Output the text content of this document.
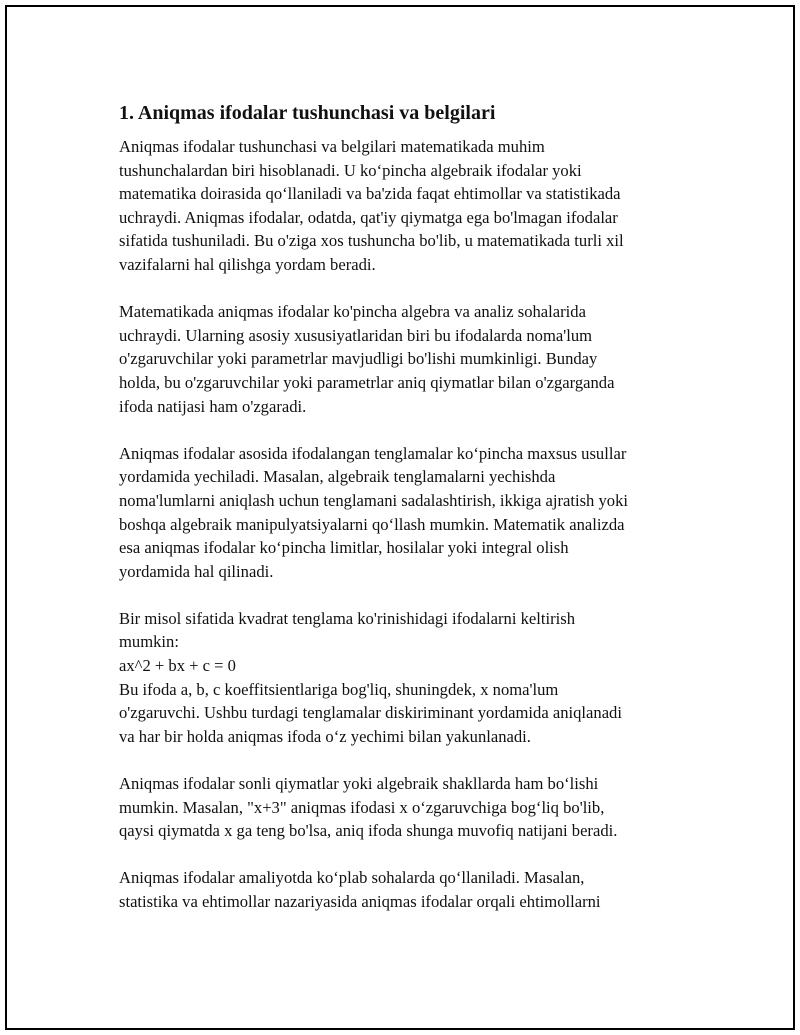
1. Aniqmas ifodalar tushunchasi va belgilari

Aniqmas ifodalar tushunchasi va belgilari matematikada muhim
tushunchalardan biri hisoblanadi. U ko‘pincha algebraik ifodalar yoki
matematika doirasida qo‘llaniladi va ba'zida faqat ehtimollar va statistikada
uchraydi. Aniqmas ifodalar, odatda, qat'iy qiymatga ega bo'lmagan ifodalar
sifatida tushuniladi. Bu o'ziga xos tushuncha bo'lib, u matematikada turli xil
vazifalarni hal qilishga yordam beradi.

Matematikada aniqmas ifodalar ko'pincha algebra va analiz sohalarida
uchraydi. Ularning asosiy xususiyatlaridan biri bu ifodalarda noma'lum
o'zgaruvchilar yoki parametrlar mavjudligi bo'lishi mumkinligi. Bunday
holda, bu o'zgaruvchilar yoki parametrlar aniq qiymatlar bilan o'zgarganda
ifoda natijasi ham o'zgaradi.

Aniqmas ifodalar asosida ifodalangan tenglamalar ko‘pincha maxsus usullar
yordamida yechiladi. Masalan, algebraik tenglamalarni yechishda
noma'lumlarni aniqlash uchun tenglamani sadalashtirish, ikkiga ajratish yoki
boshqa algebraik manipulyatsiyalarni qo‘llash mumkin. Matematik analizda
esa aniqmas ifodalar ko‘pincha limitlar, hosilalar yoki integral olish
yordamida hal qilinadi.

Bir misol sifatida kvadrat tenglama ko'rinishidagi ifodalarni keltirish
mumkin:
ax^2 + bx + c = 0
Bu ifoda a, b, c koeffitsientlariga bog'liq, shuningdek, x noma'lum
o'zgaruvchi. Ushbu turdagi tenglamalar diskiriminant yordamida aniqlanadi
va har bir holda aniqmas ifoda o‘z yechimi bilan yakunlanadi.

Aniqmas ifodalar sonli qiymatlar yoki algebraik shakllarda ham bo‘lishi
mumkin. Masalan, "x+3" aniqmas ifodasi x o‘zgaruvchiga bog‘liq bo'lib,
qaysi qiymatda x ga teng bo'lsa, aniq ifoda shunga muvofiq natijani beradi.

Aniqmas ifodalar amaliyotda ko‘plab sohalarda qo‘llaniladi. Masalan,
statistika va ehtimollar nazariyasida aniqmas ifodalar orqali ehtimollarni
